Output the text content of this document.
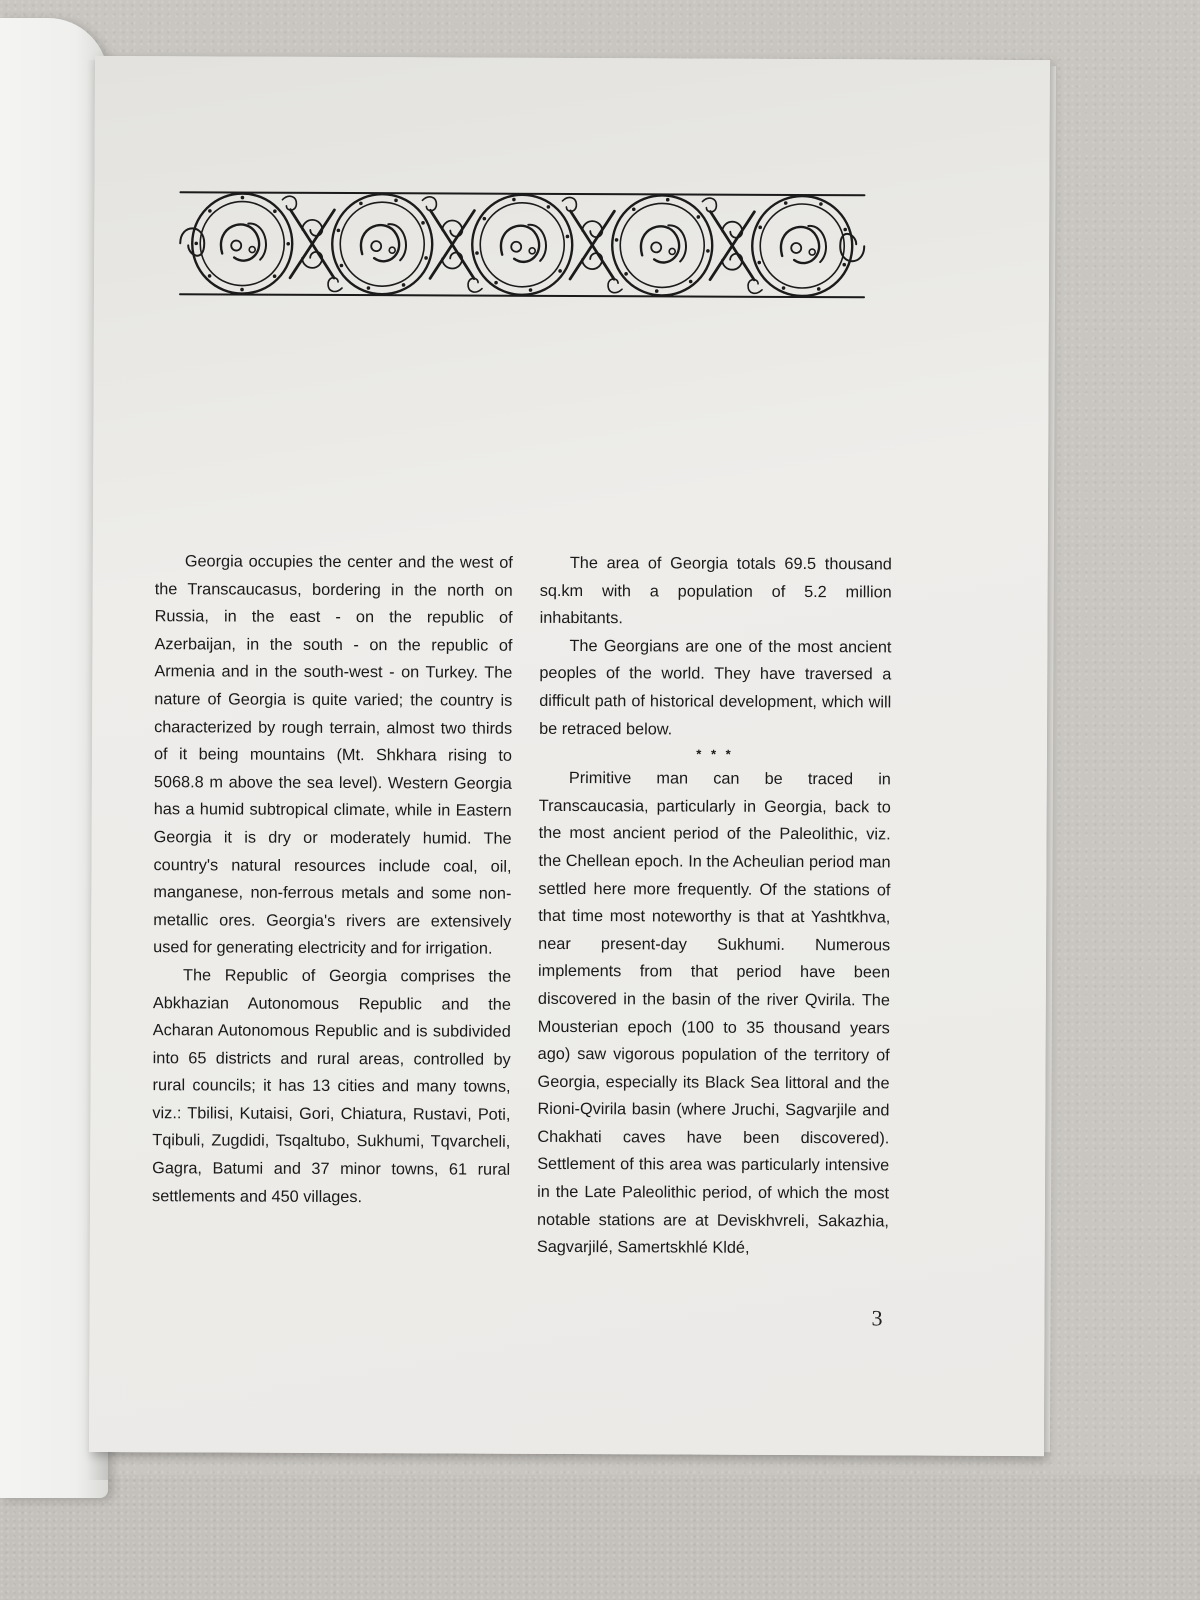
Georgia occupies the center and the west of the Transcaucasus, bordering in the north on Russia, in the east - on the republic of Azerbaijan, in the south - on the republic of Armenia and in the south-west - on Turkey. The nature of Georgia is quite varied; the country is characterized by rough terrain, almost two thirds of it being mountains (Mt. Shkhara rising to 5068.8 m above the sea level). Western Georgia has a humid subtropical climate, while in Eastern Georgia it is dry or moderately humid. The country's natural resources include coal, oil, manganese, non-ferrous metals and some non-metallic ores. Georgia's rivers are extensively used for generating electricity and for irrigation.

The Republic of Georgia comprises the Abkhazian Autonomous Republic and the Acharan Autonomous Republic and is subdivided into 65 districts and rural areas, controlled by rural councils; it has 13 cities and many towns, viz.: Tbilisi, Kutaisi, Gori, Chiatura, Rustavi, Poti, Tqibuli, Zugdidi, Tsqaltubo, Sukhumi, Tqvarcheli, Gagra, Batumi and 37 minor towns, 61 rural settlements and 450 villages.

The area of Georgia totals 69.5 thousand sq.km with a population of 5.2 million inhabitants.

The Georgians are one of the most ancient peoples of the world. They have traversed a difficult path of historical development, which will be retraced below.

* * *

Primitive man can be traced in Transcaucasia, particularly in Georgia, back to the most ancient period of the Paleolithic, viz. the Chellean epoch. In the Acheulian period man settled here more frequently. Of the stations of that time most noteworthy is that at Yashtkhva, near present-day Sukhumi. Numerous implements from that period have been discovered in the basin of the river Qvirila. The Mousterian epoch (100 to 35 thousand years ago) saw vigorous population of the territory of Georgia, especially its Black Sea littoral and the Rioni-Qvirila basin (where Jruchi, Sagvarjile and Chakhati caves have been discovered). Settlement of this area was particularly intensive in the Late Paleolithic period, of which the most notable stations are at Deviskhvreli, Sakazhia, Sagvarjilé, Samertskhlé Kldé,

3
